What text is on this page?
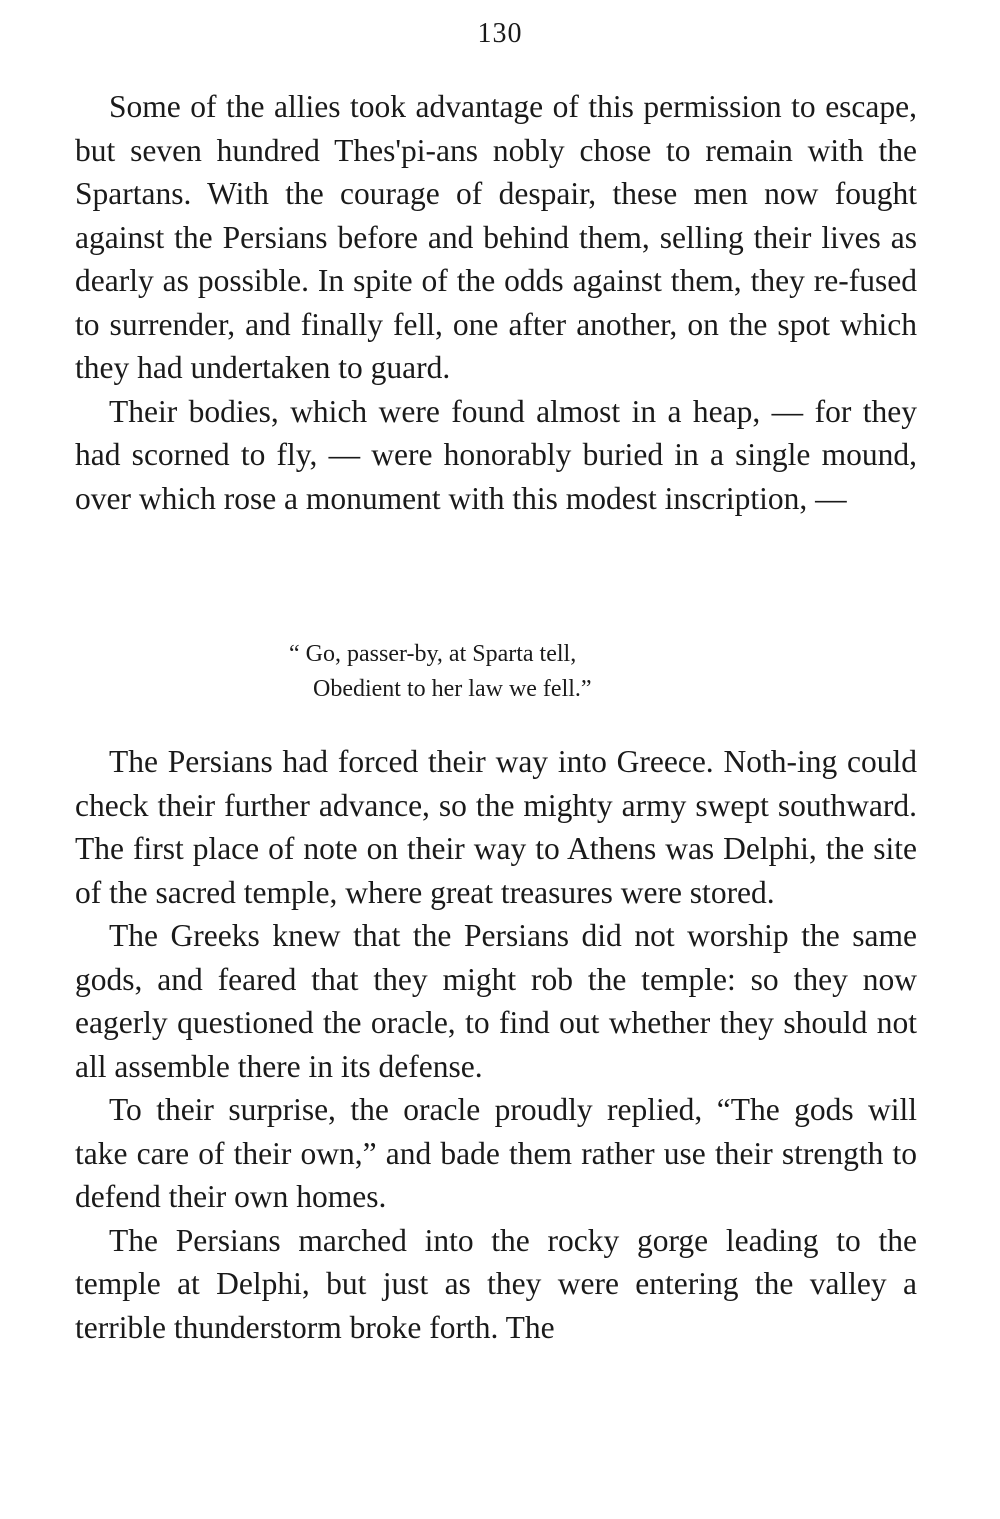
130

Some of the allies took advantage of this permission to escape, but seven hundred Thes'pi-ans nobly chose to remain with the Spartans. With the courage of despair, these men now fought against the Persians before and behind them, selling their lives as dearly as possible. In spite of the odds against them, they re-fused to surrender, and finally fell, one after another, on the spot which they had undertaken to guard.

Their bodies, which were found almost in a heap, — for they had scorned to fly, — were honorably buried in a single mound, over which rose a monument with this modest inscription, —

“ Go, passer-by, at Sparta tell,
Obedient to her law we fell.”

The Persians had forced their way into Greece. Noth-ing could check their further advance, so the mighty army swept southward. The first place of note on their way to Athens was Delphi, the site of the sacred temple, where great treasures were stored.

The Greeks knew that the Persians did not worship the same gods, and feared that they might rob the temple: so they now eagerly questioned the oracle, to find out whether they should not all assemble there in its defense.

To their surprise, the oracle proudly replied, “The gods will take care of their own,” and bade them rather use their strength to defend their own homes.

The Persians marched into the rocky gorge leading to the temple at Delphi, but just as they were entering the valley a terrible thunderstorm broke forth. The
